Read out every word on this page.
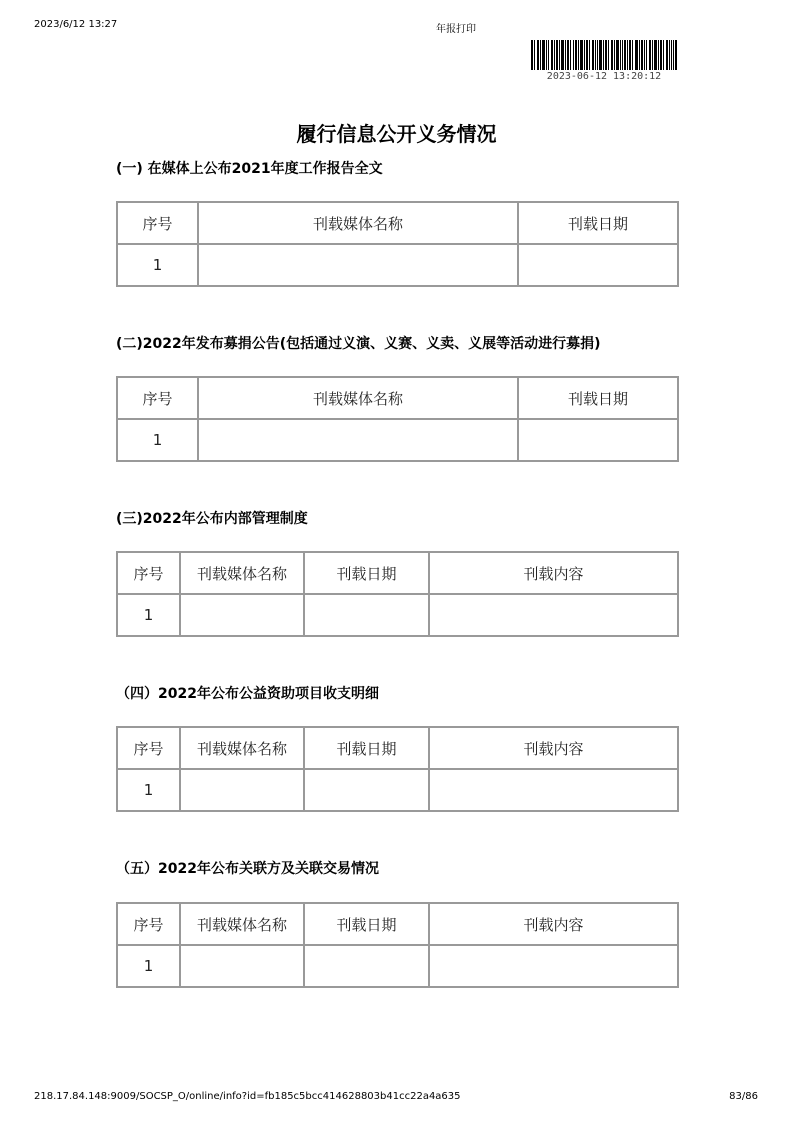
2023/6/12 13:27	年报打印
2023-06-12 13:20:12
履行信息公开义务情况
(一) 在媒体上公布2021年度工作报告全文
序号	刊载媒体名称	刊载日期
1		
(二)2022年发布募捐公告(包括通过义演、义赛、义卖、义展等活动进行募捐)
序号	刊载媒体名称	刊载日期
1		
(三)2022年公布内部管理制度
序号	刊载媒体名称	刊载日期	刊载内容
1			
（四）2022年公布公益资助项目收支明细
序号	刊载媒体名称	刊载日期	刊载内容
1			
（五）2022年公布关联方及关联交易情况
序号	刊载媒体名称	刊载日期	刊载内容
1			
218.17.84.148:9009/SOCSP_O/online/info?id=fb185c5bcc414628803b41cc22a4a635	83/86
